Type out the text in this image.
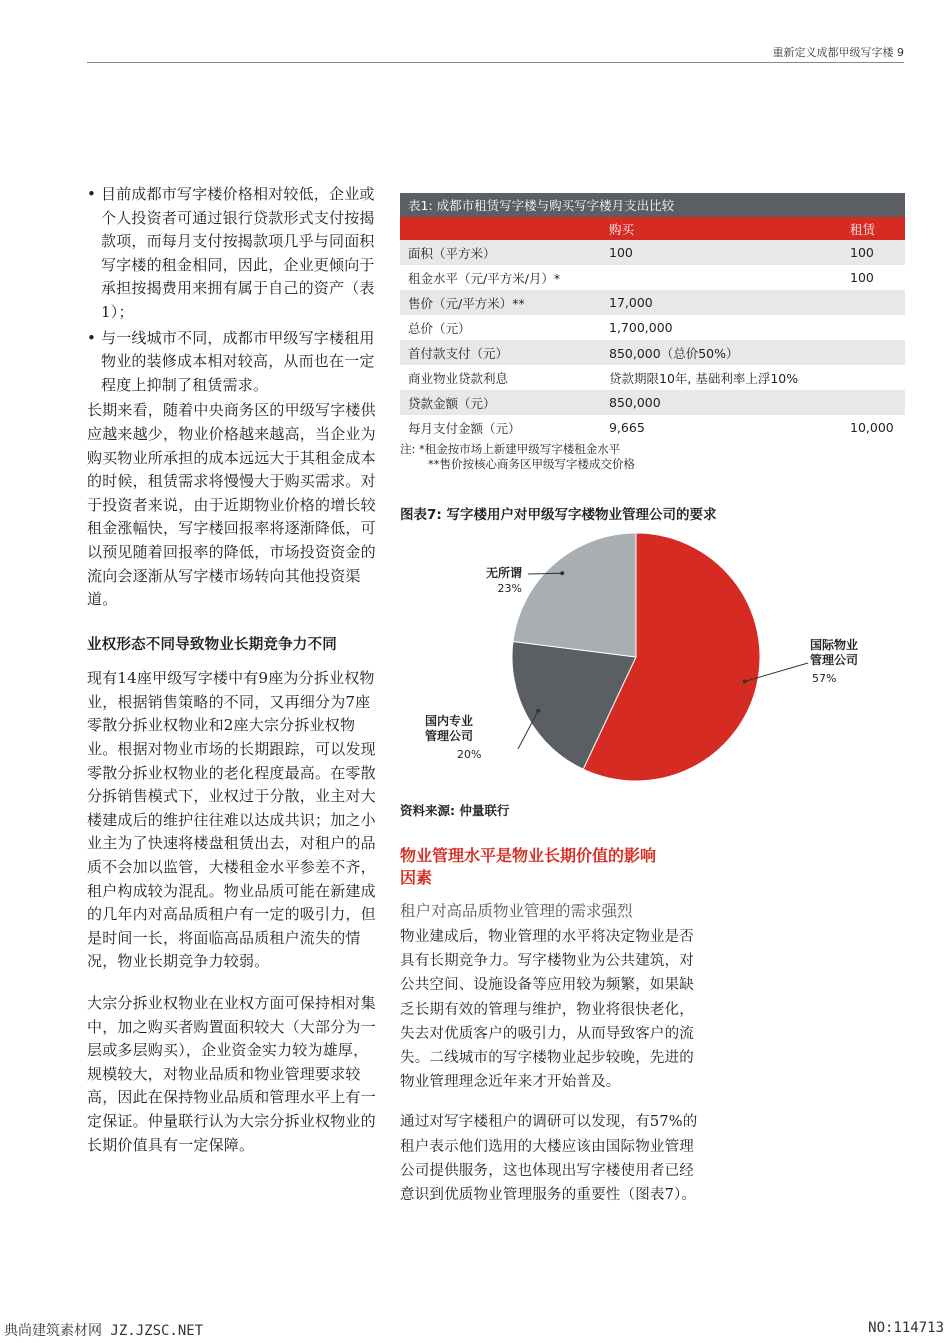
重新定义成都甲级写字楼 9

• 目前成都市写字楼价格相对较低，企业或个人投资者可通过银行贷款形式支付按揭款项，而每月支付按揭款项几乎与同面积写字楼的租金相同，因此，企业更倾向于承担按揭费用来拥有属于自己的资产（表1）；

• 与一线城市不同，成都市甲级写字楼租用物业的装修成本相对较高，从而也在一定程度上抑制了租赁需求。

长期来看，随着中央商务区的甲级写字楼供应越来越少，物业价格越来越高，当企业为购买物业所承担的成本远远大于其租金成本的时候，租赁需求将慢慢大于购买需求。对于投资者来说，由于近期物业价格的增长较租金涨幅快，写字楼回报率将逐渐降低，可以预见随着回报率的降低，市场投资资金的流向会逐渐从写字楼市场转向其他投资渠道。

业权形态不同导致物业长期竞争力不同

现有14座甲级写字楼中有9座为分拆业权物业，根据销售策略的不同，又再细分为7座零散分拆业权物业和2座大宗分拆业权物业。根据对物业市场的长期跟踪，可以发现零散分拆业权物业的老化程度最高。在零散分拆销售模式下，业权过于分散，业主对大楼建成后的维护往往难以达成共识；加之小业主为了快速将楼盘租赁出去，对租户的品质不会加以监管，大楼租金水平参差不齐，租户构成较为混乱。物业品质可能在新建成的几年内对高品质租户有一定的吸引力，但是时间一长，将面临高品质租户流失的情况，物业长期竞争力较弱。

大宗分拆业权物业在业权方面可保持相对集中，加之购买者购置面积较大（大部分为一层或多层购买），企业资金实力较为雄厚，规模较大，对物业品质和物业管理要求较高，因此在保持物业品质和管理水平上有一定保证。仲量联行认为大宗分拆业权物业的长期价值具有一定保障。

表1: 成都市租赁写字楼与购买写字楼月支出比较		
	购买	租赁
面积（平方米）	100	100
租金水平（元/平方米/月）*		100
售价（元/平方米）**	17,000	
总价（元）	1,700,000	
首付款支付（元）	850,000（总价50%）	
商业物业贷款利息	贷款期限10年, 基础利率上浮10%	
贷款金额（元）	850,000	
每月支付金额（元）	9,665	10,000

注: *租金按市场上新建甲级写字楼租金水平

**售价按核心商务区甲级写字楼成交价格

图表7: 写字楼用户对甲级写字楼物业管理公司的要求
无所谓
23%
国际物业
管理公司
57%
国内专业
管理公司
20%
资料来源: 仲量联行

物业管理水平是物业长期价值的影响

因素

租户对高品质物业管理的需求强烈

物业建成后，物业管理的水平将决定物业是否具有长期竞争力。写字楼物业为公共建筑，对公共空间、设施设备等应用较为频繁，如果缺乏长期有效的管理与维护，物业将很快老化，失去对优质客户的吸引力，从而导致客户的流失。二线城市的写字楼物业起步较晚，先进的物业管理理念近年来才开始普及。

通过对写字楼租户的调研可以发现，有57%的租户表示他们选用的大楼应该由国际物业管理公司提供服务，这也体现出写字楼使用者已经意识到优质物业管理服务的重要性（图表7）。

典尚建筑素材网 JZ.JZSC.NET	NO:114713
